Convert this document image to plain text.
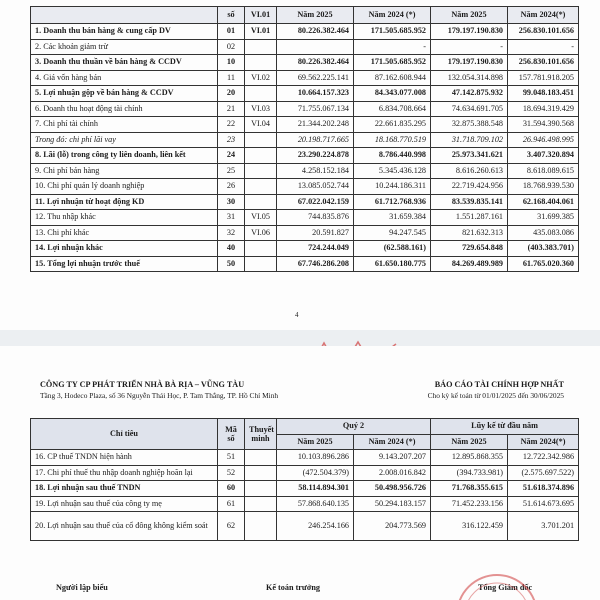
	số	VI.01	Năm 2025	Năm 2024 (*)	Năm 2025	Năm 2024(*)
1. Doanh thu bán hàng & cung cấp DV	01	VI.01	80.226.382.464	171.505.685.952	179.197.190.830	256.830.101.656
2. Các khoản giảm trừ	02			-	-	-
3. Doanh thu thuần về bán hàng & CCDV	10		80.226.382.464	171.505.685.952	179.197.190.830	256.830.101.656
4. Giá vốn hàng bán	11	VI.02	69.562.225.141	87.162.608.944	132.054.314.898	157.781.918.205
5. Lợi nhuận gộp về bán hàng & CCDV	20		10.664.157.323	84.343.077.008	47.142.875.932	99.048.183.451
6. Doanh thu hoạt động tài chính	21	VI.03	71.755.067.134	6.834.708.664	74.634.691.705	18.694.319.429
7. Chi phí tài chính	22	VI.04	21.344.202.248	22.661.835.295	32.875.388.548	31.594.390.568
Trong đó: chi phí lãi vay	23		20.198.717.665	18.168.770.519	31.718.709.102	26.946.498.995
8. Lãi (lỗ) trong công ty liên doanh, liên kết	24		23.290.224.878	8.786.440.998	25.973.341.621	3.407.320.894
9. Chi phí bán hàng	25		4.258.152.184	5.345.436.128	8.616.260.613	8.618.089.615
10. Chi phí quản lý doanh nghiệp	26		13.085.052.744	10.244.186.311	22.719.424.956	18.768.939.530
11. Lợi nhuận từ hoạt động KD	30		67.022.042.159	61.712.768.936	83.539.835.141	62.168.404.061
12. Thu nhập khác	31	VI.05	744.835.876	31.659.384	1.551.287.161	31.699.385
13. Chi phí khác	32	VI.06	20.591.827	94.247.545	821.632.313	435.083.086
14. Lợi nhuận khác	40		724.244.049	(62.588.161)	729.654.848	(403.383.701)
15. Tổng lợi nhuận trước thuế	50		67.746.286.208	61.650.180.775	84.269.489.989	61.765.020.360
4
CÔNG TY CP PHÁT TRIỂN NHÀ BÀ RỊA – VŨNG TÀU
Tầng 3, Hodeco Plaza, số 36 Nguyễn Thái Học, P. Tam Thắng, TP. Hồ Chí Minh
BÁO CÁO TÀI CHÍNH HỢP NHẤT
Cho kỳ kế toán từ 01/01/2025 đến 30/06/2025
Chỉ tiêu	Mã số	Thuyết minh	Quý 2		Lũy kế từ đầu năm	
			Năm 2025	Năm 2024 (*)	Năm 2025	Năm 2024(*)
16. CP thuế TNDN hiện hành	51		10.103.896.286	9.143.207.207	12.895.868.355	12.722.342.986
17. Chi phí thuế thu nhập doanh nghiệp hoãn lại	52		(472.504.379)	2.008.016.842	(394.733.981)	(2.575.697.522)
18. Lợi nhuận sau thuế TNDN	60		58.114.894.301	50.498.956.726	71.768.355.615	51.618.374.896
19. Lợi nhuận sau thuế của công ty mẹ	61		57.868.640.135	50.294.183.157	71.452.233.156	51.614.673.695
20. Lợi nhuận sau thuế của cổ đông không kiểm soát	62		246.254.166	204.773.569	316.122.459	3.701.201
Người lập biểu	Kế toán trưởng	Tổng Giám đốc
